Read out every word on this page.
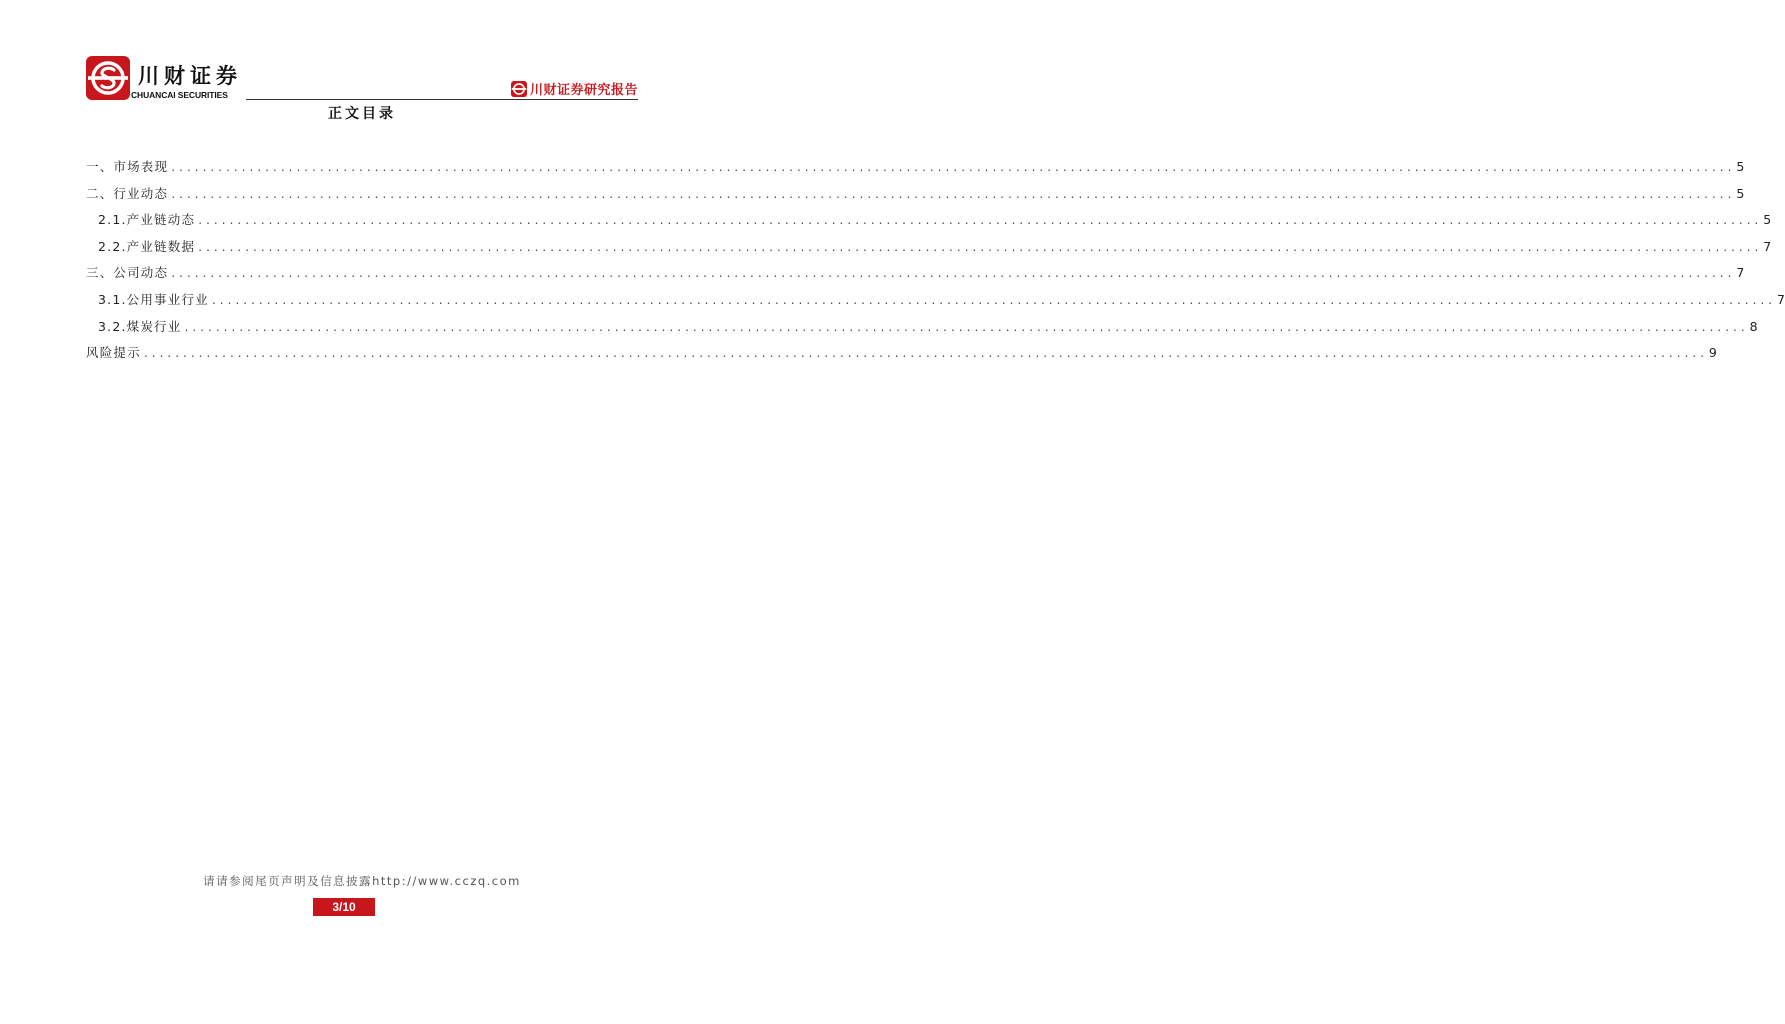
川财证券
CHUANCAI SECURITIES	川财证券研究报告
正文目录
一、市场表现 ........................................................................................................................................................................................................ 5
二、行业动态 ........................................................................................................................................................................................................ 5
2.1.产业链动态 ........................................................................................................................................................................................................ 5
2.2.产业链数据 ........................................................................................................................................................................................................ 7
三、公司动态 ........................................................................................................................................................................................................ 7
3.1.公用事业行业 ........................................................................................................................................................................................................ 7
3.2.煤炭行业 ........................................................................................................................................................................................................ 8
风险提示 ........................................................................................................................................................................................................ 9
请请参阅尾页声明及信息披露http://www.cczq.com
3/10
